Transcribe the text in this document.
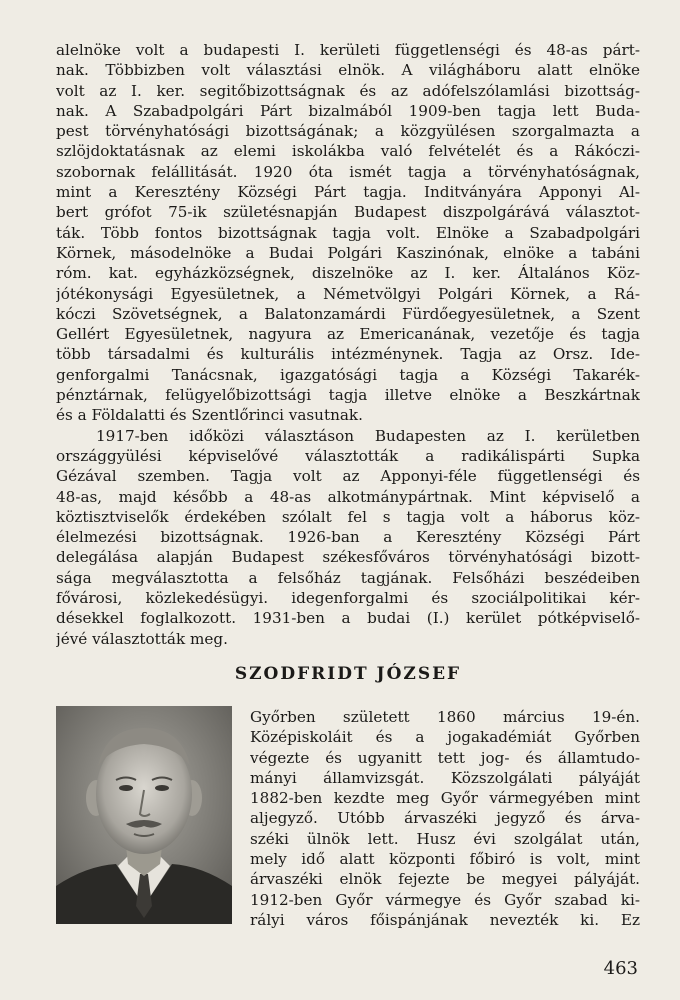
alelnöke volt a budapesti I. kerületi függetlenségi és 48-as párt-
nak. Többizben volt választási elnök. A világháboru alatt elnöke
volt az I. ker. segitőbizottságnak és az adófelszólamlási bizottság-
nak. A Szabadpolgári Párt bizalmából 1909-ben tagja lett Buda-
pest törvényhatósági bizottságának; a közgyülésen szorgalmazta a
szlöjdoktatásnak az elemi iskolákba való felvételét és a Rákóczi-
szobornak felállitását. 1920 óta ismét tagja a törvényhatóságnak,
mint a Keresztény Községi Párt tagja. Inditványára Apponyi Al-
bert grófot 75-ik születésnapján Budapest diszpolgárává választot-
ták. Több fontos bizottságnak tagja volt. Elnöke a Szabadpolgári
Körnek, másodelnöke a Budai Polgári Kaszinónak, elnöke a tabáni
róm. kat. egyházközségnek, diszelnöke az I. ker. Általános Köz-
jótékonysági Egyesületnek, a Németvölgyi Polgári Körnek, a Rá-
kóczi Szövetségnek, a Balatonzamárdi Fürdőegyesületnek, a Szent
Gellért Egyesületnek, nagyura az Emericanának, vezetője és tagja
több társadalmi és kulturális intézménynek. Tagja az Orsz. Ide-
genforgalmi Tanácsnak, igazgatósági tagja a Községi Takarék-
pénztárnak, felügyelőbizottsági tagja illetve elnöke a Beszkártnak
és a Földalatti és Szentlőrinci vasutnak.
1917-ben időközi választáson Budapesten az I. kerületben
országgyülési képviselővé választották a radikálispárti Supka
Gézával szemben. Tagja volt az Apponyi-féle függetlenségi és
48-as, majd később a 48-as alkotmánypártnak. Mint képviselő a
köztisztviselők érdekében szólalt fel s tagja volt a háborus köz-
élelmezési bizottságnak. 1926-ban a Keresztény Községi Párt
delegálása alapján Budapest székesfőváros törvényhatósági bizott-
sága megválasztotta a felsőház tagjának. Felsőházi beszédeiben
fővárosi, közlekedésügyi. idegenforgalmi és szociálpolitikai kér-
désekkel foglalkozott. 1931-ben a budai (I.) kerület pótképviselő-
jévé választották meg.
SZODFRIDT JÓZSEF
Győrben született 1860 március 19-én.
Középiskoláit és a jogakadémiát Győrben
végezte és ugyanitt tett jog- és államtudo-
mányi államvizsgát. Közszolgálati pályáját
1882-ben kezdte meg Győr vármegyében mint
aljegyző. Utóbb árvaszéki jegyző és árva-
széki ülnök lett. Husz évi szolgálat után,
mely idő alatt központi főbiró is volt, mint
árvaszéki elnök fejezte be megyei pályáját.
1912-ben Győr vármegye és Győr szabad ki-
rályi város főispánjának nevezték ki. Ez
463
